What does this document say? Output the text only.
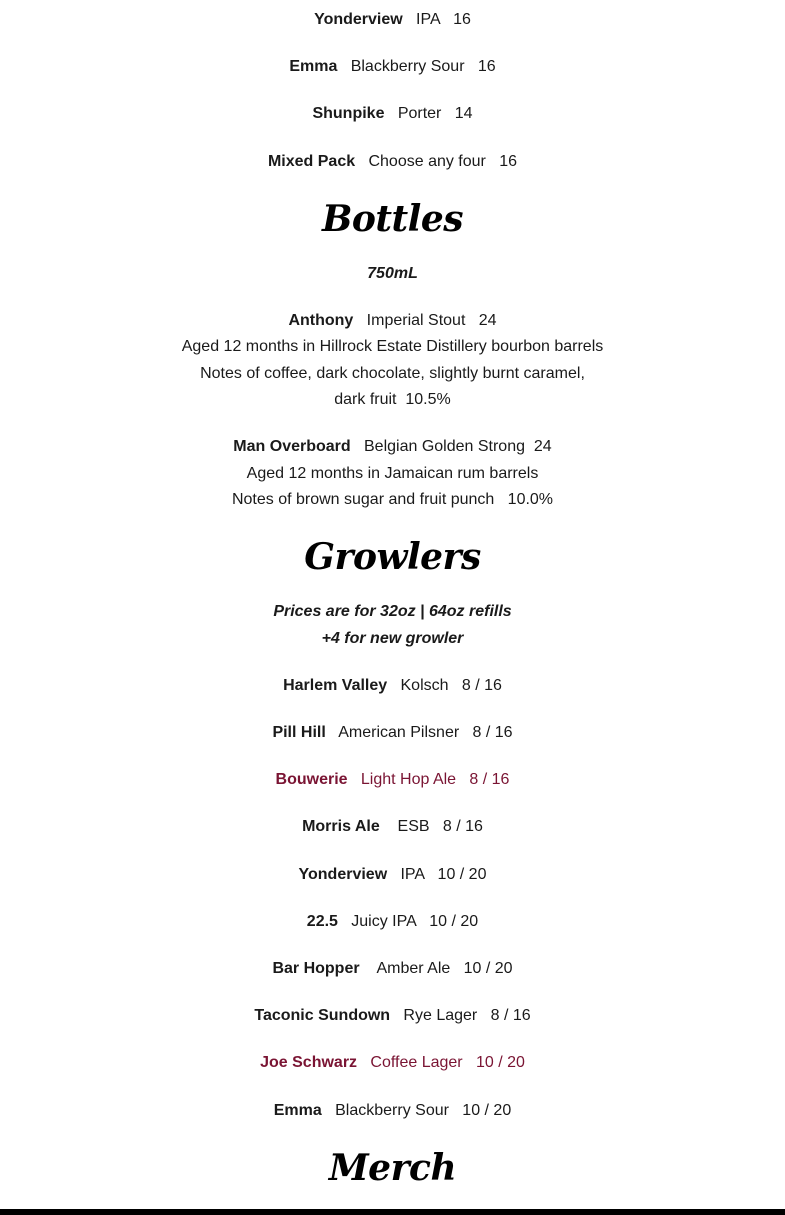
Yonderview IPA 16
Emma Blackberry Sour 16
Shunpike Porter 14
Mixed Pack Choose any four 16
Bottles
750mL
Anthony Imperial Stout 24
Aged 12 months in Hillrock Estate Distillery bourbon barrels
Notes of coffee, dark chocolate, slightly burnt caramel,
dark fruit  10.5%
Man Overboard Belgian Golden Strong 24
Aged 12 months in Jamaican rum barrels
Notes of brown sugar and fruit punch   10.0%
Growlers
Prices are for 32oz | 64oz refills
+4 for new growler
Harlem Valley Kolsch 8 / 16
Pill Hill American Pilsner 8 / 16
Bouwerie Light Hop Ale 8 / 16
Morris Ale ESB 8 / 16
Yonderview IPA 10 / 20
22.5 Juicy IPA 10 / 20
Bar Hopper Amber Ale 10 / 20
Taconic Sundown Rye Lager 8 / 16
Joe Schwarz Coffee Lager 10 / 20
Emma Blackberry Sour 10 / 20
Merch
